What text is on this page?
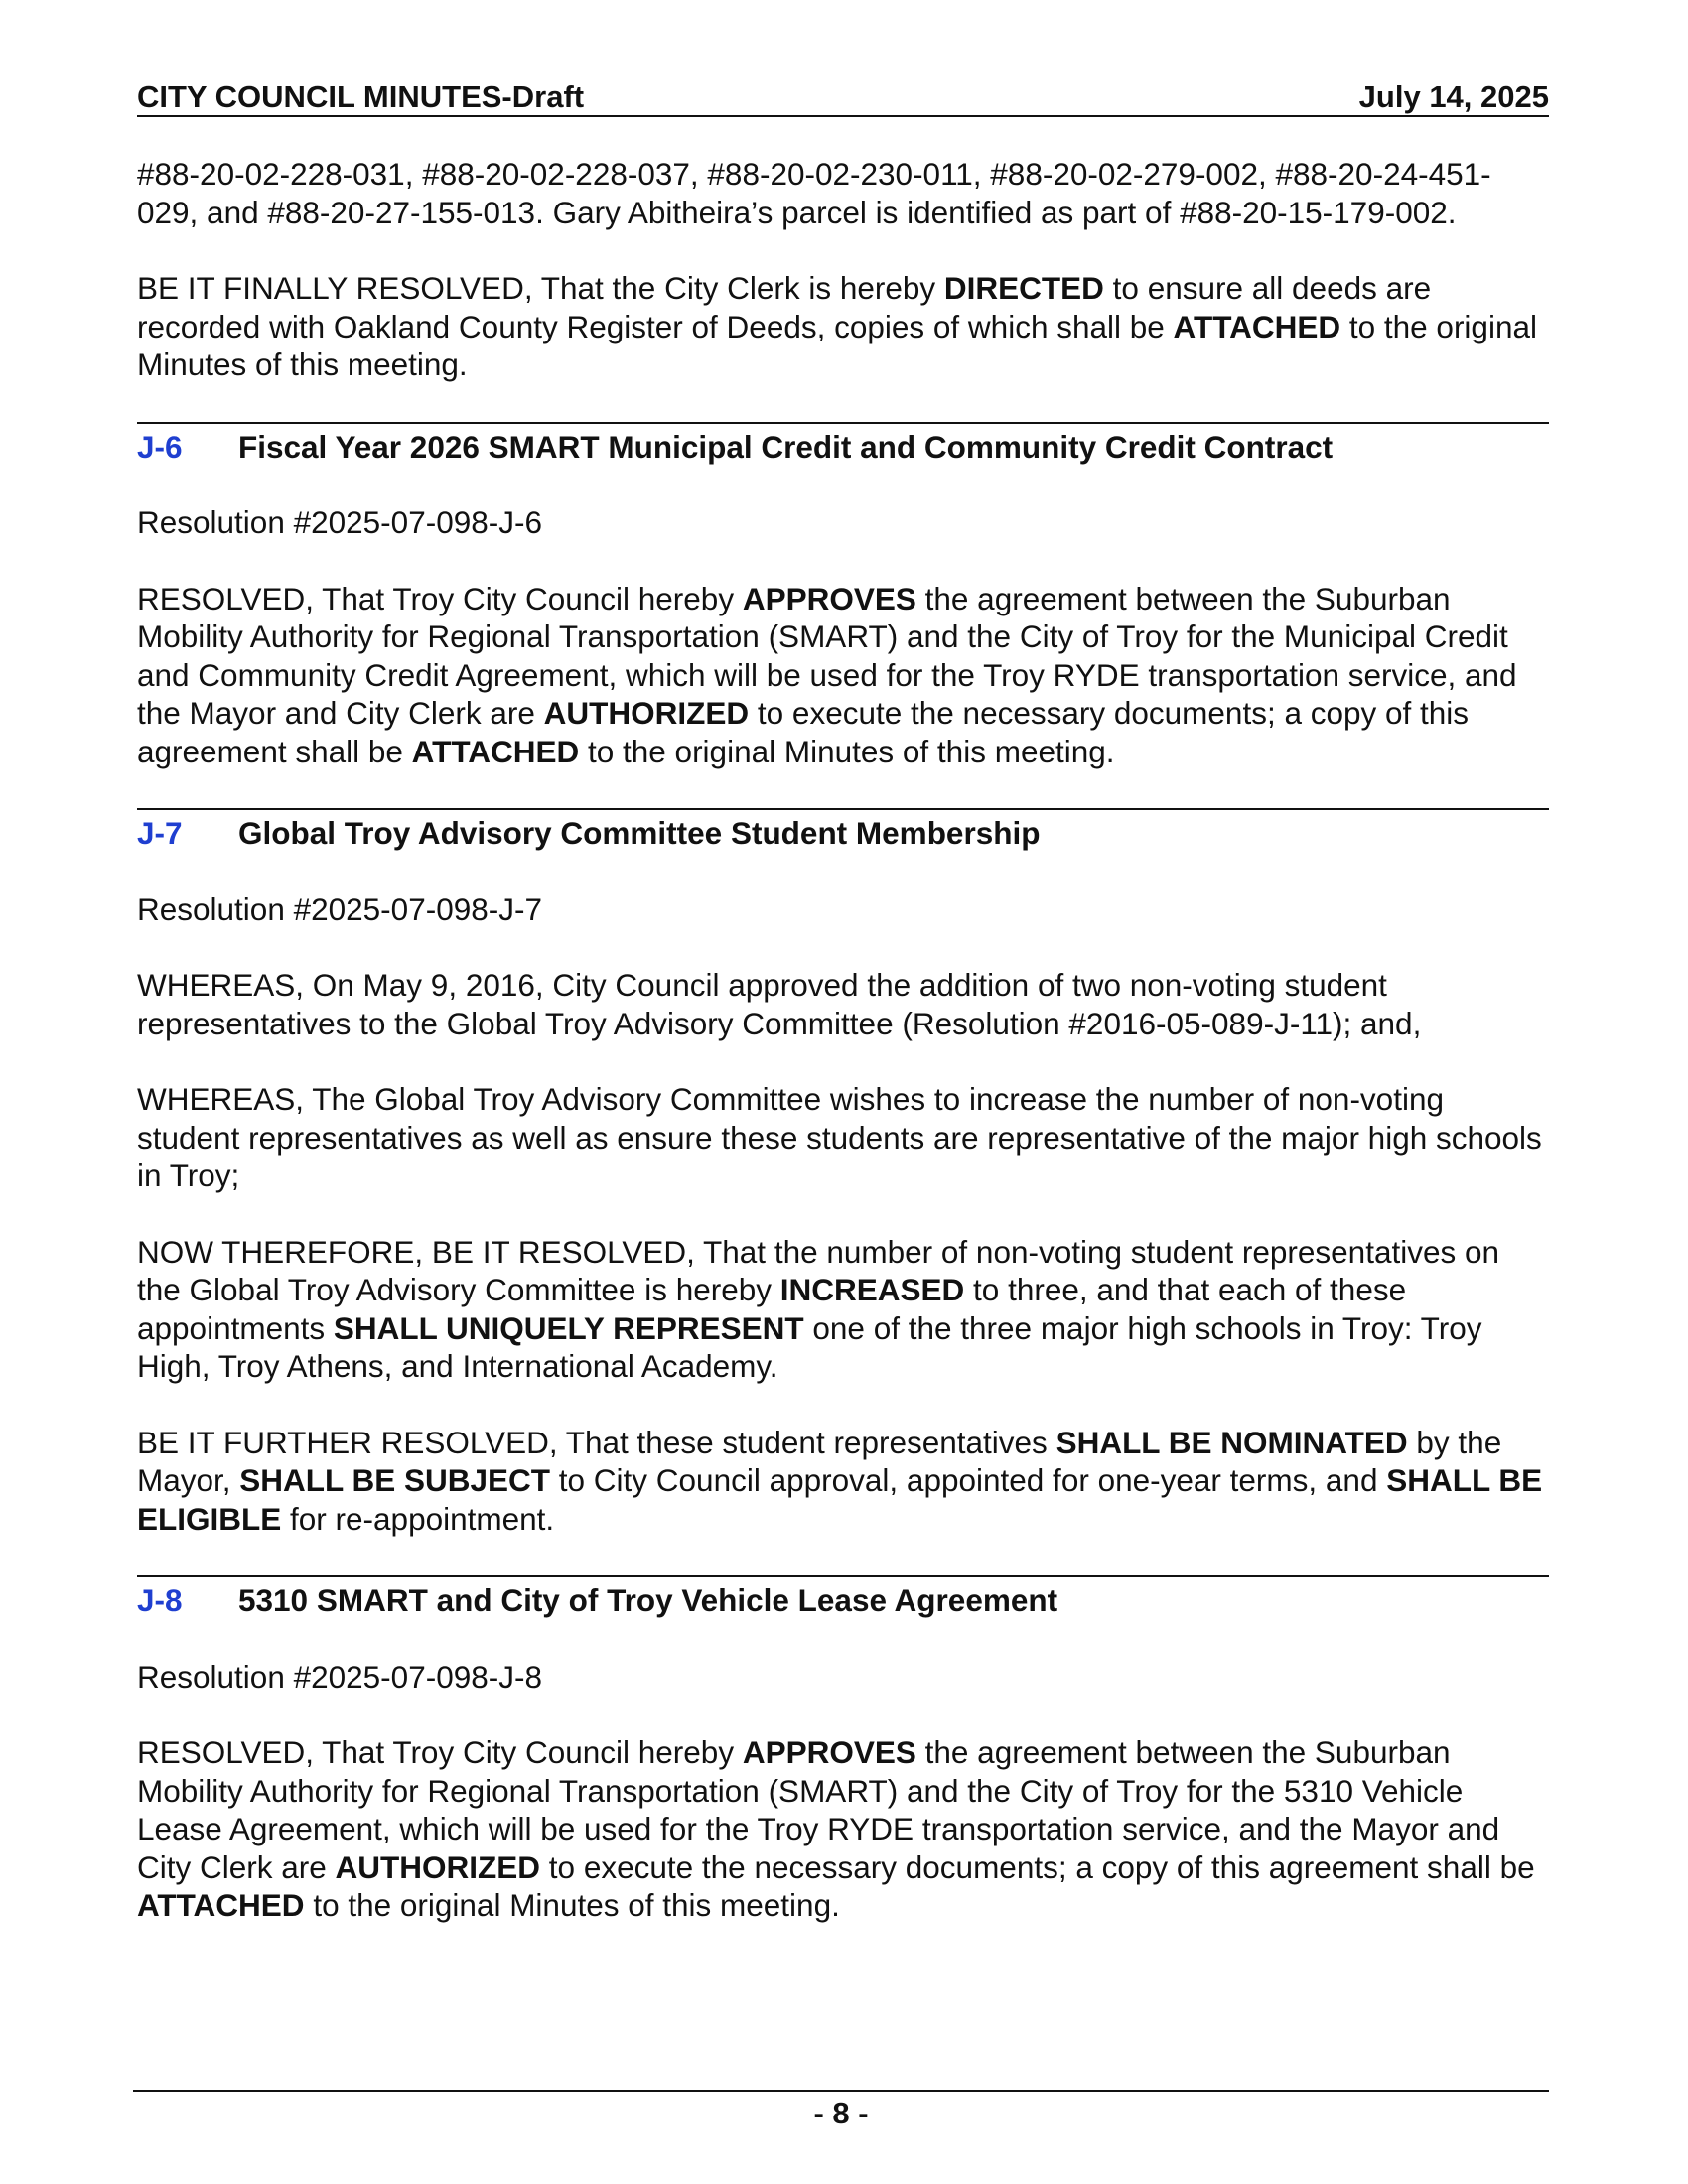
CITY COUNCIL MINUTES-Draft	July 14, 2025

#88-20-02-228-031, #88-20-02-228-037, #88-20-02-230-011, #88-20-02-279-002, #88-20-24-451-029, and #88-20-27-155-013. Gary Abitheira’s parcel is identified as part of #88-20-15-179-002.

BE IT FINALLY RESOLVED, That the City Clerk is hereby DIRECTED to ensure all deeds are recorded with Oakland County Register of Deeds, copies of which shall be ATTACHED to the original Minutes of this meeting.

J-6	Fiscal Year 2026 SMART Municipal Credit and Community Credit Contract

Resolution #2025-07-098-J-6

RESOLVED, That Troy City Council hereby APPROVES the agreement between the Suburban Mobility Authority for Regional Transportation (SMART) and the City of Troy for the Municipal Credit and Community Credit Agreement, which will be used for the Troy RYDE transportation service, and the Mayor and City Clerk are AUTHORIZED to execute the necessary documents; a copy of this agreement shall be ATTACHED to the original Minutes of this meeting.

J-7	Global Troy Advisory Committee Student Membership

Resolution #2025-07-098-J-7

WHEREAS, On May 9, 2016, City Council approved the addition of two non-voting student representatives to the Global Troy Advisory Committee (Resolution #2016-05-089-J-11); and,

WHEREAS, The Global Troy Advisory Committee wishes to increase the number of non-voting student representatives as well as ensure these students are representative of the major high schools in Troy;

NOW THEREFORE, BE IT RESOLVED, That the number of non-voting student representatives on the Global Troy Advisory Committee is hereby INCREASED to three, and that each of these appointments SHALL UNIQUELY REPRESENT one of the three major high schools in Troy: Troy High, Troy Athens, and International Academy.

BE IT FURTHER RESOLVED, That these student representatives SHALL BE NOMINATED by the Mayor, SHALL BE SUBJECT to City Council approval, appointed for one-year terms, and SHALL BE ELIGIBLE for re-appointment.

J-8	5310 SMART and City of Troy Vehicle Lease Agreement

Resolution #2025-07-098-J-8

RESOLVED, That Troy City Council hereby APPROVES the agreement between the Suburban Mobility Authority for Regional Transportation (SMART) and the City of Troy for the 5310 Vehicle Lease Agreement, which will be used for the Troy RYDE transportation service, and the Mayor and City Clerk are AUTHORIZED to execute the necessary documents; a copy of this agreement shall be ATTACHED to the original Minutes of this meeting.

- 8 -
